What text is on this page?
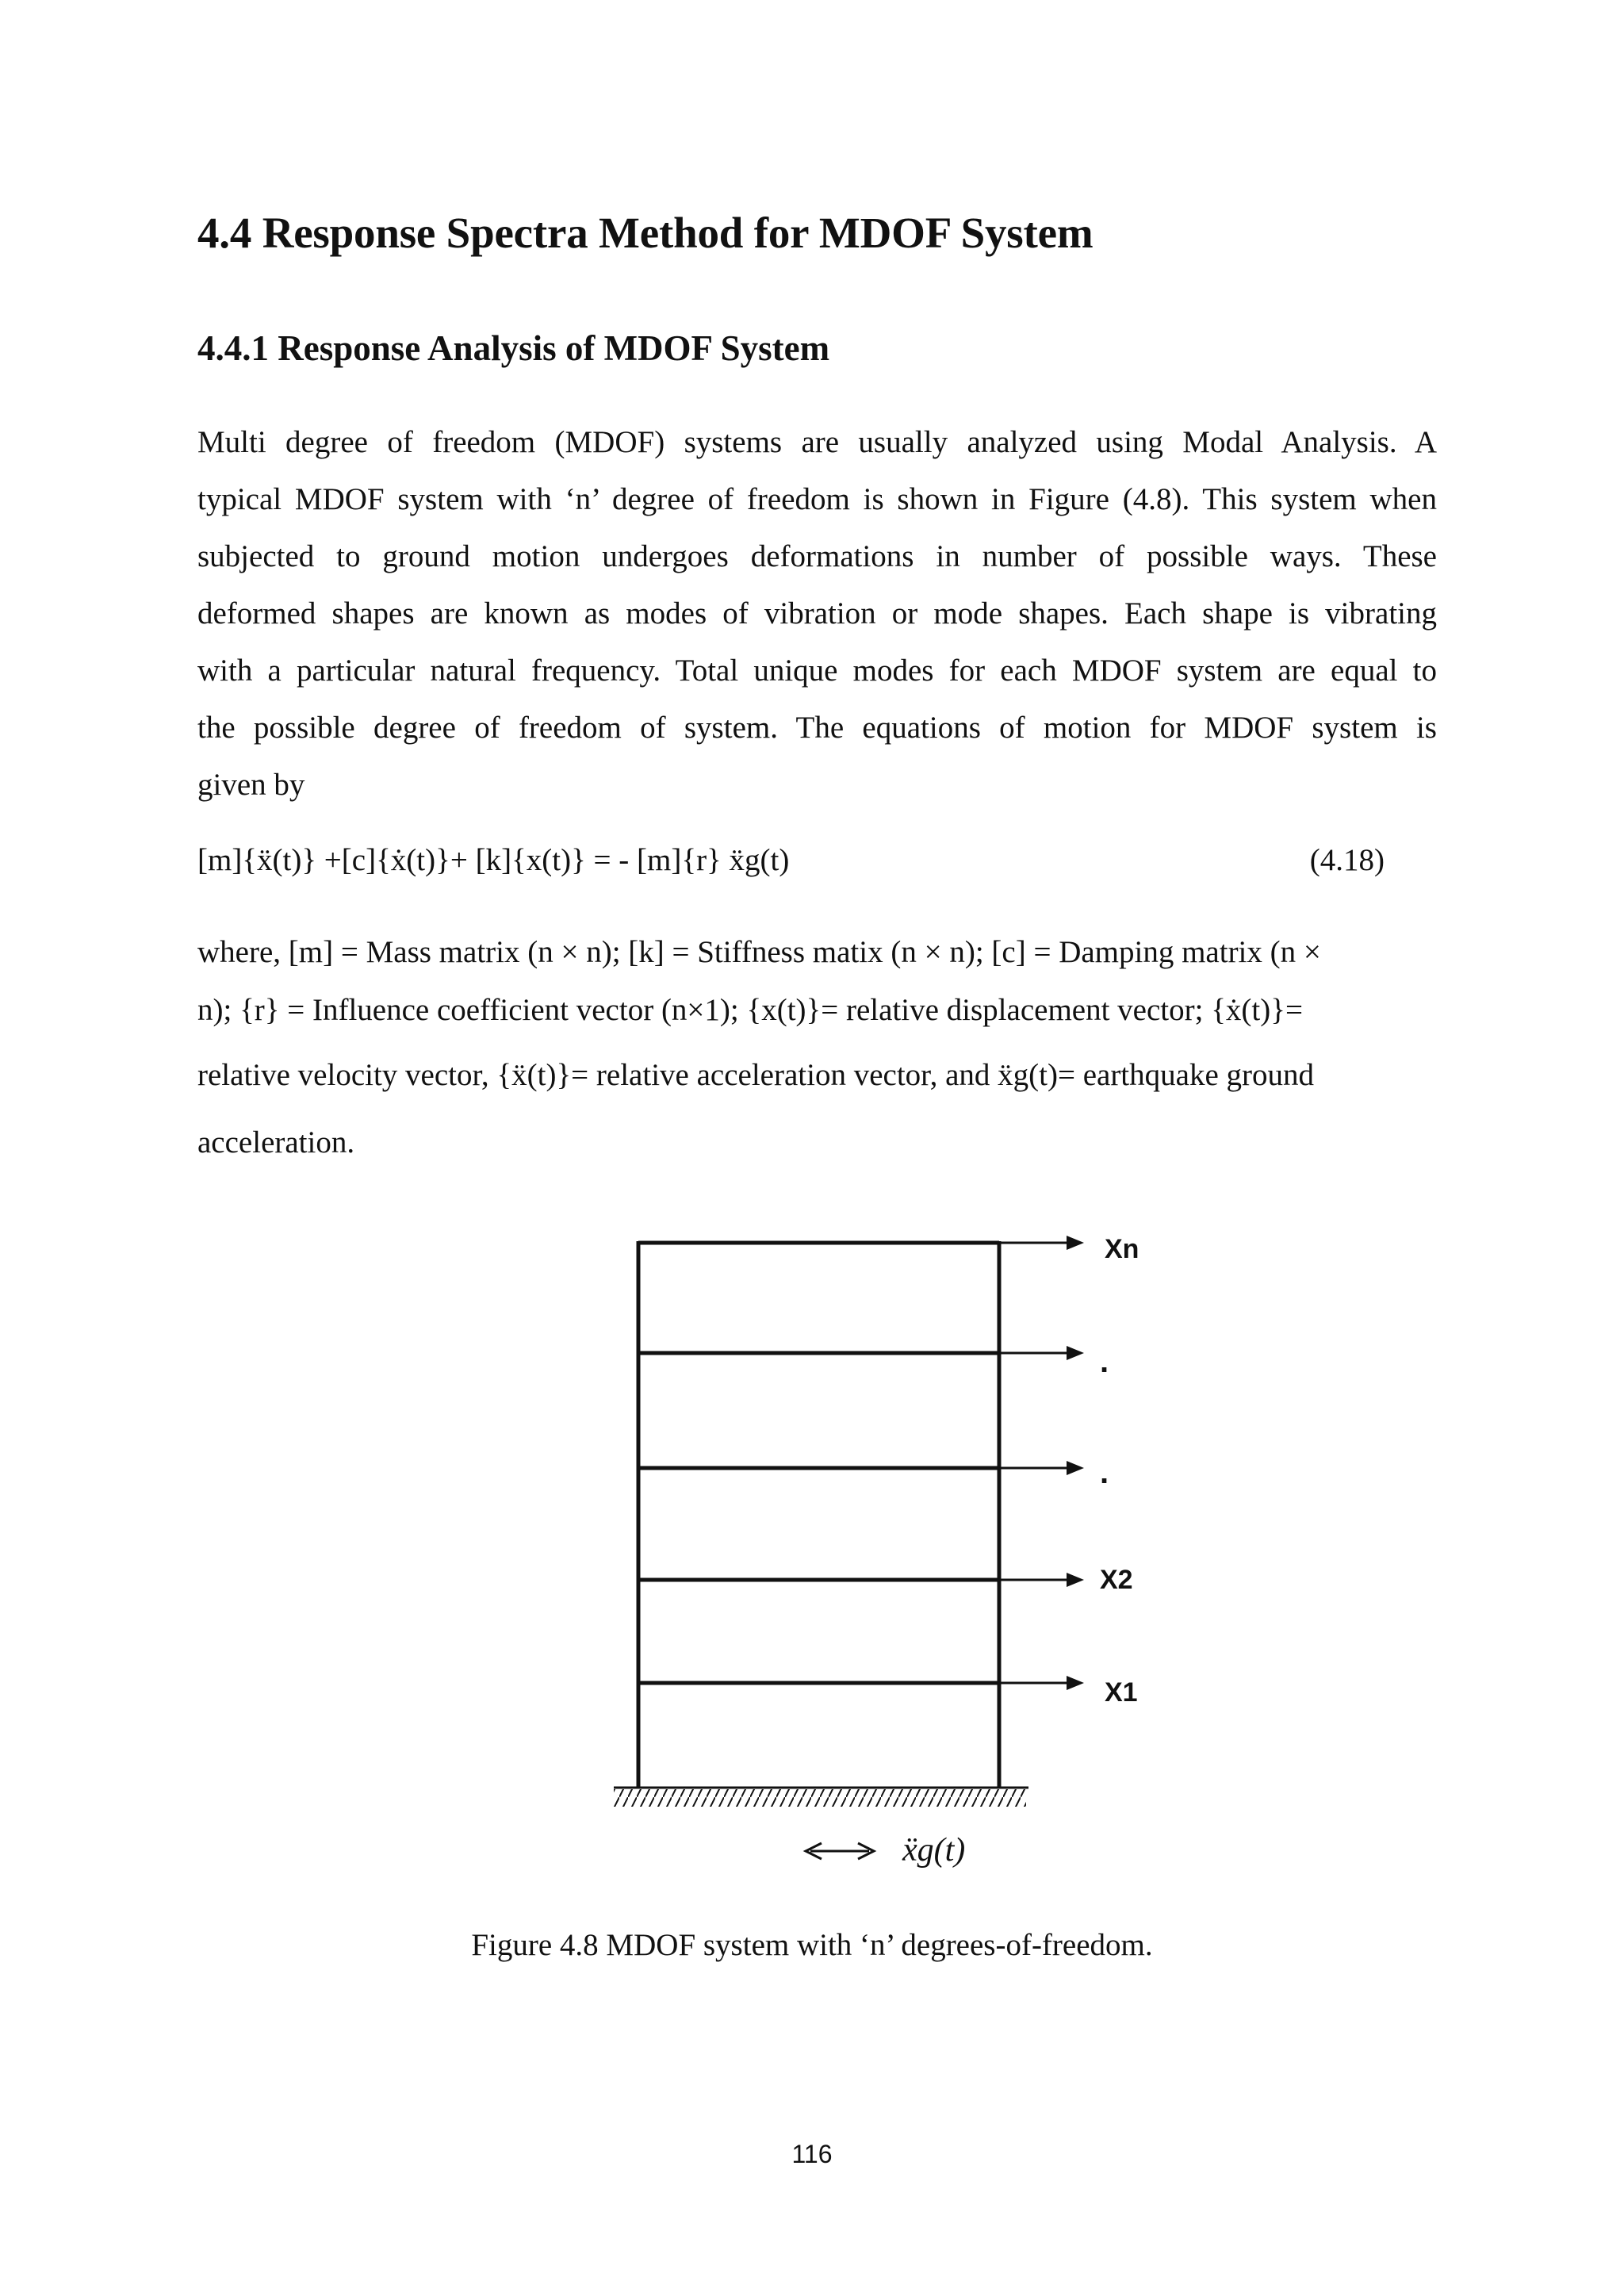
4.4 Response Spectra Method for MDOF System
4.4.1 Response Analysis of MDOF System
Multi degree of freedom (MDOF) systems are usually analyzed using Modal Analysis. A
typical MDOF system with ‘n’ degree of freedom is shown in Figure (4.8). This system when
subjected to ground motion undergoes deformations in number of possible ways. These
deformed shapes are known as modes of vibration or mode shapes. Each shape is vibrating
with a particular natural frequency. Total unique modes for each MDOF system are equal to
the possible degree of freedom of system. The equations of motion for MDOF system is
given by
[m]{ẍ(t)} +[c]{ẋ(t)}+ [k]{x(t)} = - [m]{r} ẍg(t)	(4.18)
where, [m] = Mass matrix (n × n); [k] = Stiffness matix (n × n); [c] = Damping matrix (n ×
n); {r} = Influence coefficient vector (n×1); {x(t)}= relative displacement vector; {ẋ(t)}=
relative velocity vector, {ẍ(t)}= relative acceleration vector, and ẍg(t)= earthquake ground
acceleration.
Xn
.
.
X2
X1
ẍg(t)
Figure 4.8 MDOF system with ‘n’ degrees-of-freedom.
116
